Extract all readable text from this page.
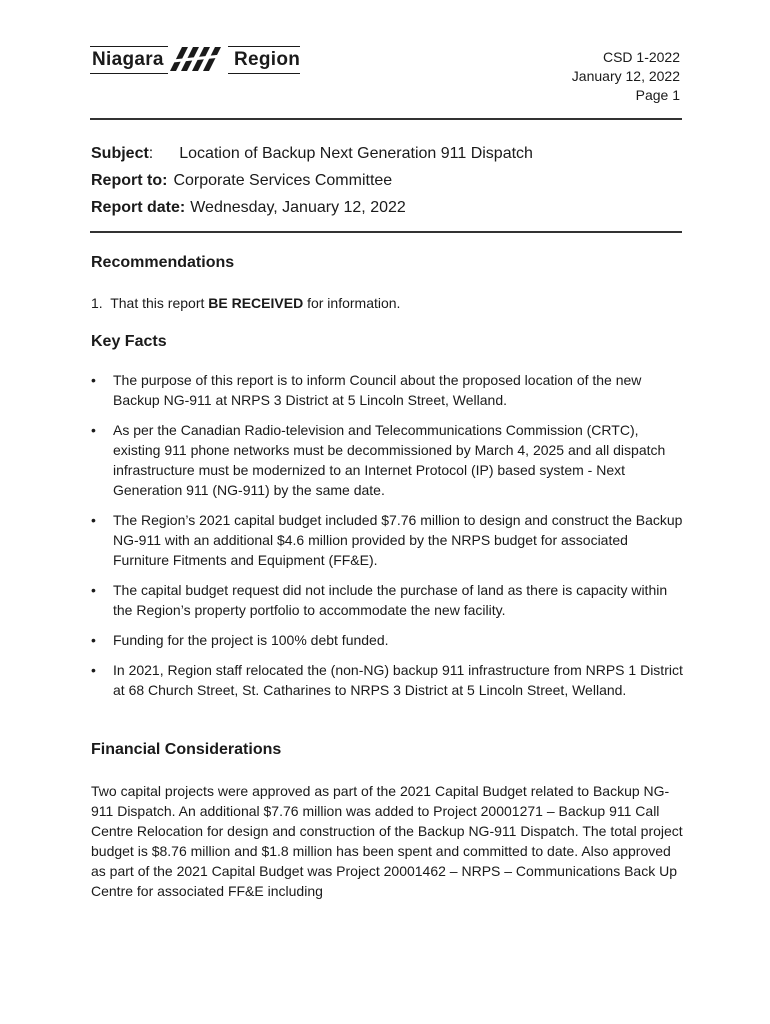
Niagara	Region	CSD 1-2022
January 12, 2022
Page 1
Subject: Location of Backup Next Generation 911 Dispatch
Report to: Corporate Services Committee
Report date: Wednesday, January 12, 2022
Recommendations

1. That this report BE RECEIVED for information.

Key Facts
• The purpose of this report is to inform Council about the proposed location of the new Backup NG-911 at NRPS 3 District at 5 Lincoln Street, Welland.
• As per the Canadian Radio-television and Telecommunications Commission (CRTC), existing 911 phone networks must be decommissioned by March 4, 2025 and all dispatch infrastructure must be modernized to an Internet Protocol (IP) based system - Next Generation 911 (NG-911) by the same date.
• The Region’s 2021 capital budget included $7.76 million to design and construct the Backup NG-911 with an additional $4.6 million provided by the NRPS budget for associated Furniture Fitments and Equipment (FF&E).
• The capital budget request did not include the purchase of land as there is capacity within the Region’s property portfolio to accommodate the new facility.
• Funding for the project is 100% debt funded.
• In 2021, Region staff relocated the (non-NG) backup 911 infrastructure from NRPS 1 District at 68 Church Street, St. Catharines to NRPS 3 District at 5 Lincoln Street, Welland.
Financial Considerations

Two capital projects were approved as part of the 2021 Capital Budget related to Backup NG-911 Dispatch. An additional $7.76 million was added to Project 20001271 – Backup 911 Call Centre Relocation for design and construction of the Backup NG-911 Dispatch. The total project budget is $8.76 million and $1.8 million has been spent and committed to date. Also approved as part of the 2021 Capital Budget was Project 20001462 – NRPS – Communications Back Up Centre for associated FF&E including
